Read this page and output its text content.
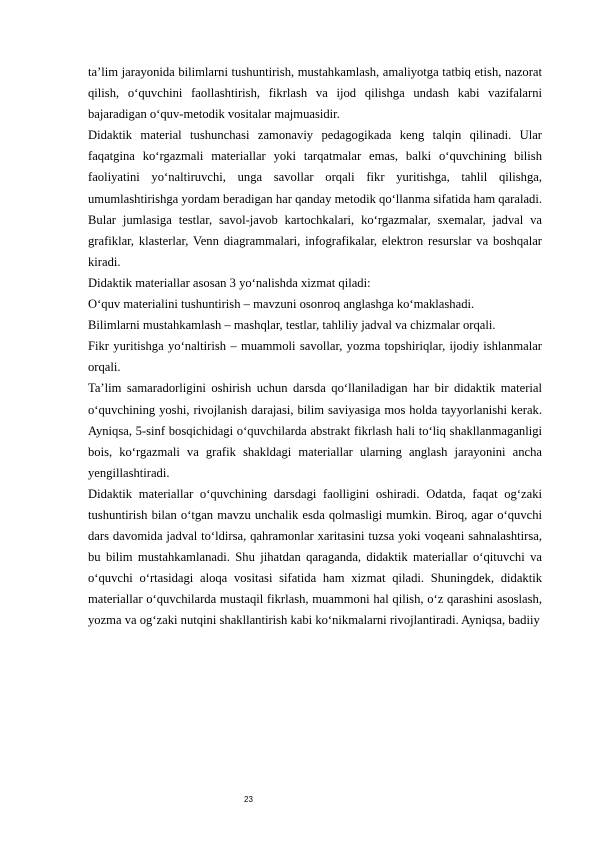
ta’lim jarayonida bilimlarni tushuntirish, mustahkamlash, amaliyotga tatbiq etish, nazorat qilish, o‘quvchini faollashtirish, fikrlash va ijod qilishga undash kabi vazifalarni bajaradigan o‘quv-metodik vositalar majmuasidir.

Didaktik material tushunchasi zamonaviy pedagogikada keng talqin qilinadi. Ular faqatgina ko‘rgazmali materiallar yoki tarqatmalar emas, balki o‘quvchining bilish faoliyatini yo‘naltiruvchi, unga savollar orqali fikr yuritishga, tahlil qilishga, umumlashtirishga yordam beradigan har qanday metodik qo‘llanma sifatida ham qaraladi. Bular jumlasiga testlar, savol-javob kartochkalari, ko‘rgazmalar, sxemalar, jadval va grafiklar, klasterlar, Venn diagrammalari, infografikalar, elektron resurslar va boshqalar kiradi.

Didaktik materiallar asosan 3 yo‘nalishda xizmat qiladi:

O‘quv materialini tushuntirish – mavzuni osonroq anglashga ko‘maklashadi.

Bilimlarni mustahkamlash – mashqlar, testlar, tahliliy jadval va chizmalar orqali.

Fikr yuritishga yo‘naltirish – muammoli savollar, yozma topshiriqlar, ijodiy ishlanmalar orqali.

Ta’lim samaradorligini oshirish uchun darsda qo‘llaniladigan har bir didaktik material o‘quvchining yoshi, rivojlanish darajasi, bilim saviyasiga mos holda tayyorlanishi kerak. Ayniqsa, 5-sinf bosqichidagi o‘quvchilarda abstrakt fikrlash hali to‘liq shakllanmaganligi bois, ko‘rgazmali va grafik shakldagi materiallar ularning anglash jarayonini ancha yengillashtiradi.

Didaktik materiallar o‘quvchining darsdagi faolligini oshiradi. Odatda, faqat og‘zaki tushuntirish bilan o‘tgan mavzu unchalik esda qolmasligi mumkin. Biroq, agar o‘quvchi dars davomida jadval to‘ldirsa, qahramonlar xaritasini tuzsa yoki voqeani sahnalashtirsa, bu bilim mustahkamlanadi. Shu jihatdan qaraganda, didaktik materiallar o‘qituvchi va o‘quvchi o‘rtasidagi aloqa vositasi sifatida ham xizmat qiladi. Shuningdek, didaktik materiallar o‘quvchilarda mustaqil fikrlash, muammoni hal qilish, o‘z qarashini asoslash, yozma va og‘zaki nutqini shakllantirish kabi ko‘nikmalarni rivojlantiradi. Ayniqsa, badiiy

23
